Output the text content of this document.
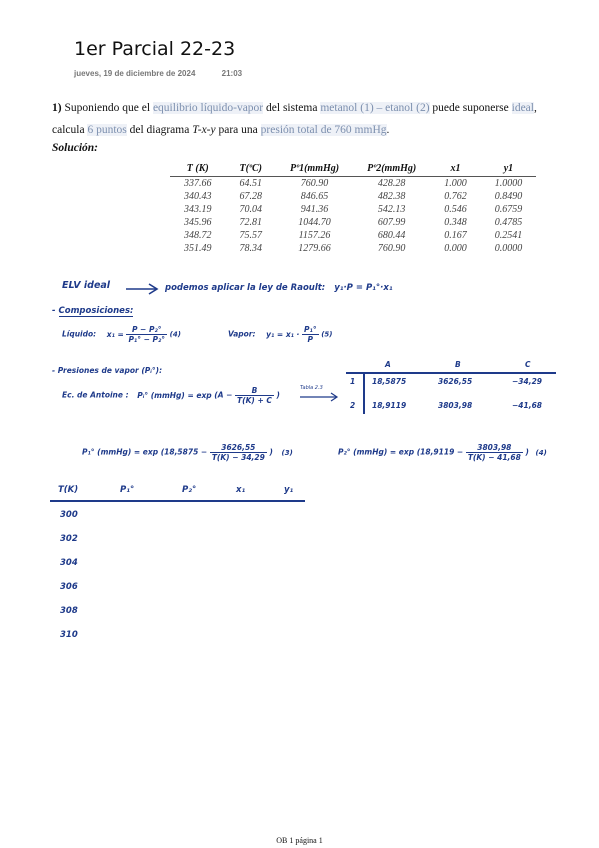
1er Parcial 22-23
jueves, 19 de diciembre de 2024	21:03
1) Suponiendo que el equilibrio líquido-vapor del sistema metanol (1) – etanol (2) puede suponerse ideal, calcula 6 puntos del diagrama T-x-y para una presión total de 760 mmHg.
Solución:
T (K)	T(ºC)	Pº1(mmHg)	Pº2(mmHg)	x1	y1
337.66	64.51	760.90	428.28	1.000	1.0000
340.43	67.28	846.65	482.38	0.762	0.8490
343.19	70.04	941.36	542.13	0.546	0.6759
345.96	72.81	1044.70	607.99	0.348	0.4785
348.72	75.57	1157.26	680.44	0.167	0.2541
351.49	78.34	1279.66	760.90	0.000	0.0000
ELV ideal	podemos aplicar la ley de Raoult: y₁·P = P₁°·x₁
- Composiciones:
Líquido: $x_1 = \frac{\text{P − P₂°}}{\text{P₁° − P₂°}} (4)$	Vapor: $y_1 = x_1 \cdot \frac{\text{P₁°}}{P} (5)$
- Presiones de vapor (Pᵢ°):
Ec. de Antoine : Pᵢ° (mmHg) = $\exp (A - \frac{B}{T(K) + C}$ )
Tabla 2.3
A	B	C
1 18,5875	3626,55	−34,29
2 18,9119	3803,98	−41,68
P₁° (mmHg) = $\exp (18,5875 - \frac{3626,55}{T(K) - 34,29}$ ) (3)	P₂° (mmHg) = $\exp (18,9119 - \frac{3803,98}{T(K) - 41,68}$ ) (4)
T(K)	P₁°	P₂°	x₁	y₁
300
302
304
306
308
310
OB 1 página 1
